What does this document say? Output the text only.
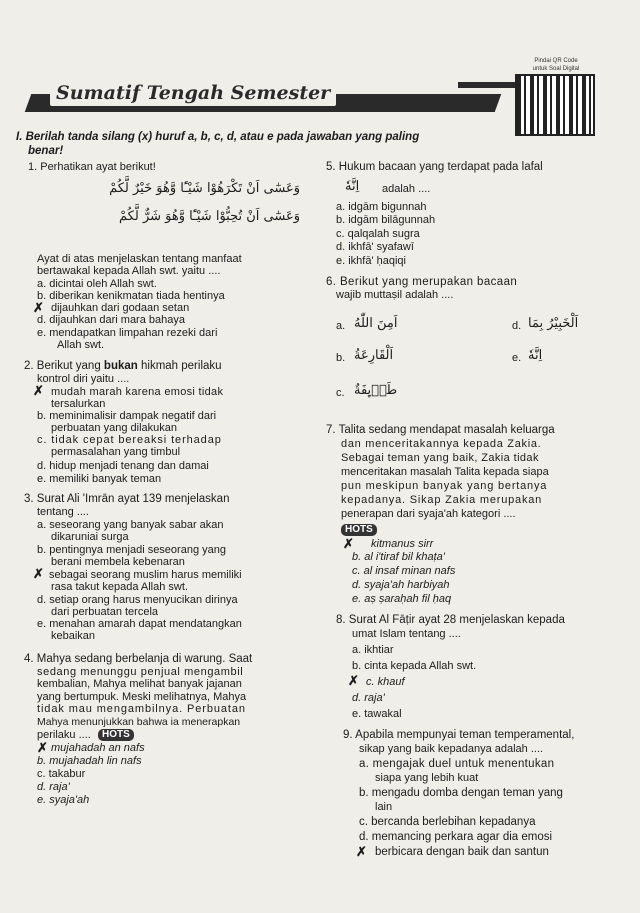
Sumatif Tengah Semester
Pindai QR Code
untuk Soal Digital
I. Berilah tanda silang (x) huruf a, b, c, d, atau e pada jawaban yang paling
benar!
1. Perhatikan ayat berikut!
وَعَسٰٓى اَنْ تَكْرَهُوْا شَيْـًٔا وَّهُوَ خَيْرٌ لَّكُمْ
وَعَسٰٓى اَنْ تُحِبُّوْا شَيْـًٔا وَّهُوَ شَرٌّ لَّكُمْ
Ayat di atas menjelaskan tentang manfaat
bertawakal kepada Allah swt. yaitu ....
a. dicintai oleh Allah swt.
b. diberikan kenikmatan tiada hentinya
✗ dijauhkan dari godaan setan
d. dijauhkan dari mara bahaya
e. mendapatkan limpahan rezeki dari
Allah swt.
2. Berikut yang bukan hikmah perilaku
kontrol diri yaitu ....
✗ mudah marah karena emosi tidak
tersalurkan
b. meminimalisir dampak negatif dari
perbuatan yang dilakukan
c. tidak cepat bereaksi terhadap
permasalahan yang timbul
d. hidup menjadi tenang dan damai
e. memiliki banyak teman
3. Surat Ali 'Imrān ayat 139 menjelaskan
tentang ....
a. seseorang yang banyak sabar akan
dikaruniai surga
b. pentingnya menjadi seseorang yang
berani membela kebenaran
✗ sebagai seorang muslim harus memiliki
rasa takut kepada Allah swt.
d. setiap orang harus menyucikan dirinya
dari perbuatan tercela
e. menahan amarah dapat mendatangkan
kebaikan
4. Mahya sedang berbelanja di warung. Saat
sedang menunggu penjual mengambil
kembalian, Mahya melihat banyak jajanan
yang bertumpuk. Meski melihatnya, Mahya
tidak mau mengambilnya. Perbuatan
Mahya menunjukkan bahwa ia menerapkan
perilaku ....	HOTS
✗ mujahadah an nafs
b. mujahadah lin nafs
c. takabur
d. raja'
e. syaja'ah
5. Hukum bacaan yang terdapat pada lafal
اِنَّهٗ adalah ....
a. idgām bigunnah
b. idgām bilāgunnah
c. qalqalah sugra
d. ikhfā' syafawī
e. ikhfā' ḥaqiqi
6. Berikut yang merupakan bacaan
wajib muttaṣil adalah ....
a. اَمِنَ اللّٰهُ	d. اَلْخَبِيْرُ بِمَا
b. اَلْقَارِعَةُ	e. اِنَّهٗ
c. طَاۤىِٕفَةٌ
7. Talita sedang mendapat masalah keluarga
dan menceritakannya kepada Zakia.
Sebagai teman yang baik, Zakia tidak
menceritakan masalah Talita kepada siapa
pun meskipun banyak yang bertanya
kepadanya. Sikap Zakia merupakan
penerapan dari syaja'ah kategori ....
HOTS
✗ kitmanus sirr
b. al i'tiraf bil khaṭa'
c. al insaf minan nafs
d. syaja'ah harbiyah
e. aṣ ṣaraḥah fil ḥaq
8. Surat Al Fāṭir ayat 28 menjelaskan kepada
umat Islam tentang ....
a. ikhtiar
b. cinta kepada Allah swt.
✗ c. khauf
d. raja'
e. tawakal
9. Apabila mempunyai teman temperamental,
sikap yang baik kepadanya adalah ....
a. mengajak duel untuk menentukan
siapa yang lebih kuat
b. mengadu domba dengan teman yang
lain
c. bercanda berlebihan kepadanya
d. memancing perkara agar dia emosi
✗ berbicara dengan baik dan santun
